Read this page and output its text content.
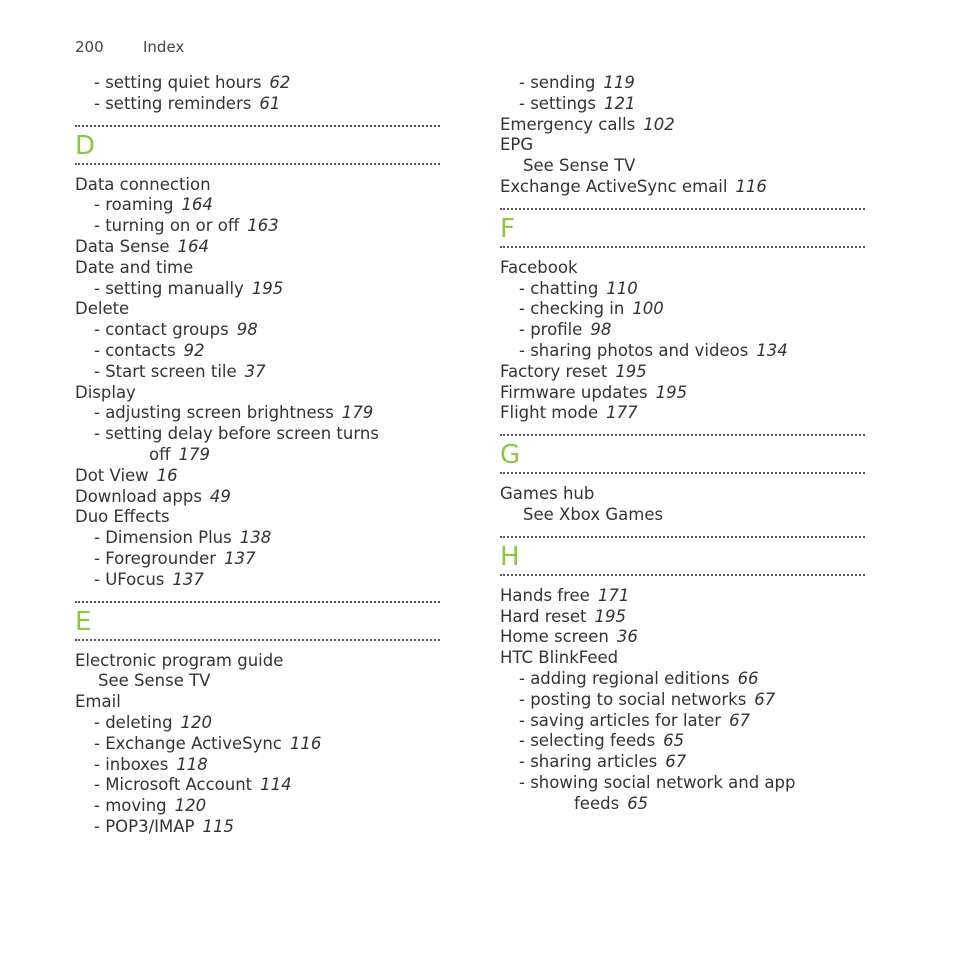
200	Index
- setting quiet hours 62
- setting reminders 61
D
Data connection
- roaming 164
- turning on or off 163
Data Sense 164
Date and time
- setting manually 195
Delete
- contact groups 98
- contacts 92
- Start screen tile 37
Display
- adjusting screen brightness 179
- setting delay before screen turns
off 179
Dot View 16
Download apps 49
Duo Effects
- Dimension Plus 138
- Foregrounder 137
- UFocus 137
E
Electronic program guide
See Sense TV
Email
- deleting 120
- Exchange ActiveSync 116
- inboxes 118
- Microsoft Account 114
- moving 120
- POP3/IMAP 115
- sending 119
- settings 121
Emergency calls 102
EPG
See Sense TV
Exchange ActiveSync email 116
F
Facebook
- chatting 110
- checking in 100
- profile 98
- sharing photos and videos 134
Factory reset 195
Firmware updates 195
Flight mode 177
G
Games hub
See Xbox Games
H
Hands free 171
Hard reset 195
Home screen 36
HTC BlinkFeed
- adding regional editions 66
- posting to social networks 67
- saving articles for later 67
- selecting feeds 65
- sharing articles 67
- showing social network and app
feeds 65
